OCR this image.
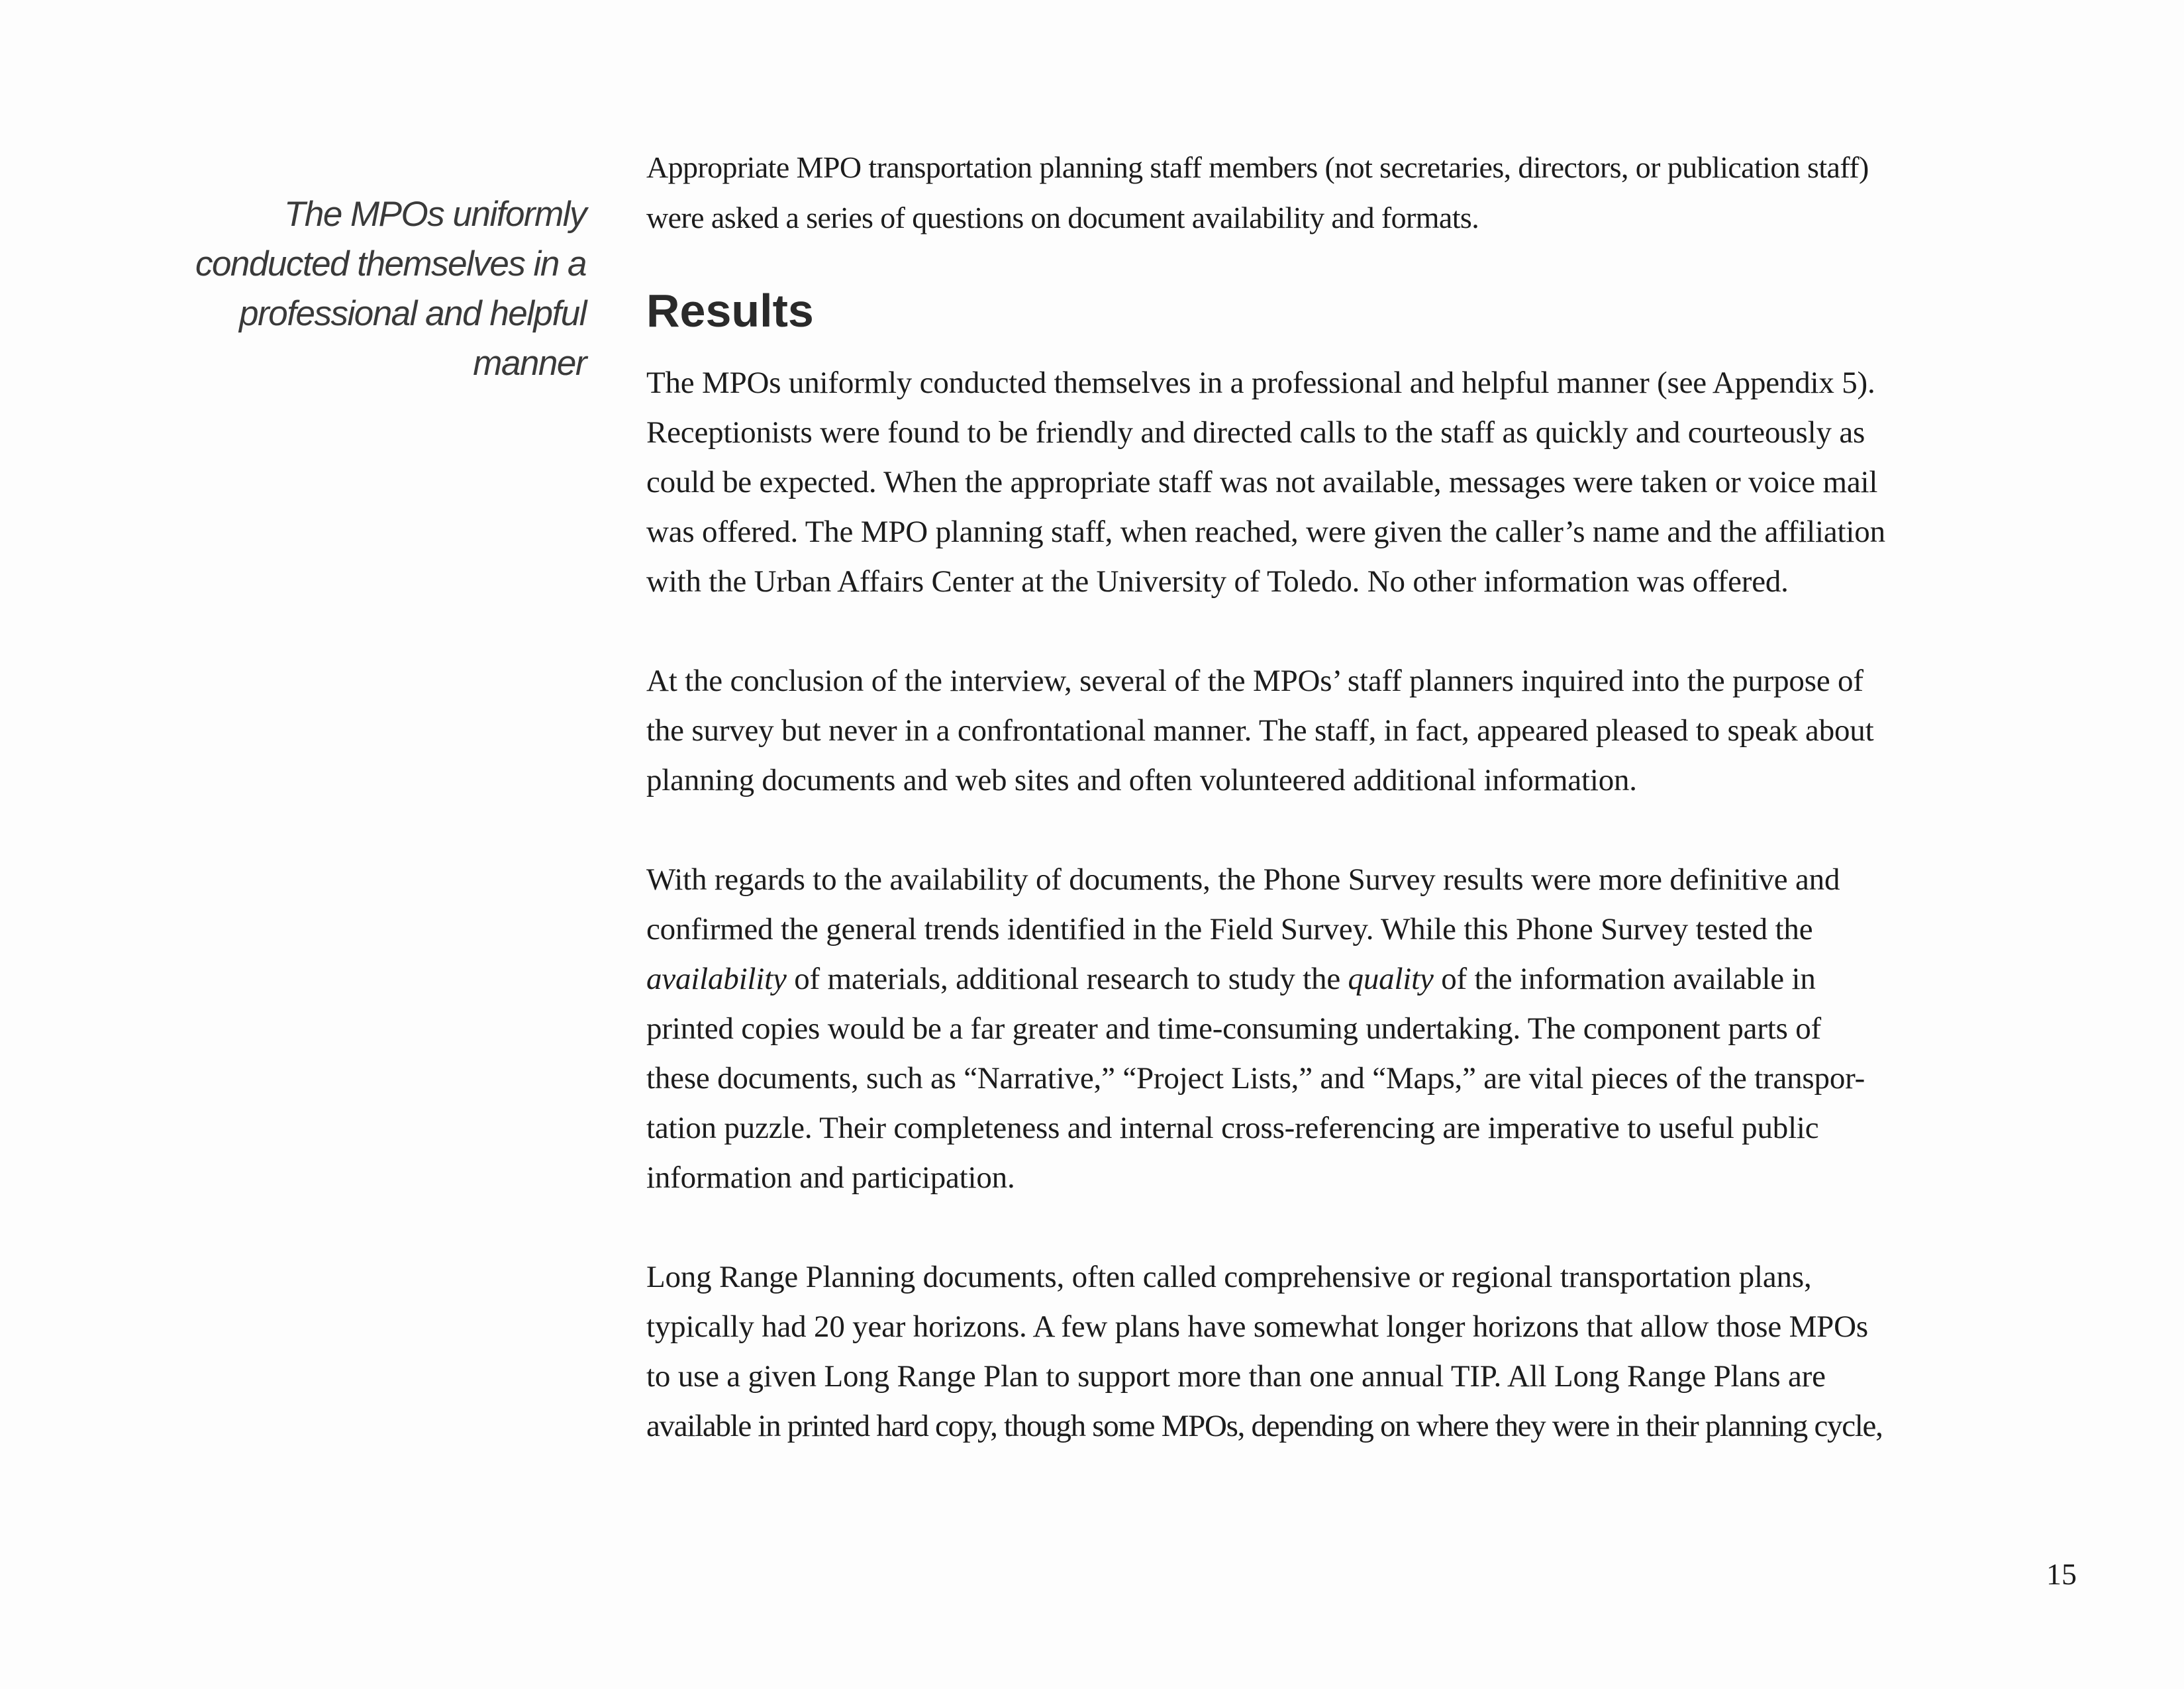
The MPOs uniformly
conducted themselves in a
professional and helpful
manner

Appropriate MPO transportation planning staff members (not secretaries, directors, or publication staff)
were asked a series of questions on document availability and formats.

Results

The MPOs uniformly conducted themselves in a professional and helpful manner (see Appendix 5).
Receptionists were found to be friendly and directed calls to the staff as quickly and courteously as
could be expected. When the appropriate staff was not available, messages were taken or voice mail
was offered. The MPO planning staff, when reached, were given the caller’s name and the affiliation
with the Urban Affairs Center at the University of Toledo. No other information was offered.

At the conclusion of the interview, several of the MPOs’ staff planners inquired into the purpose of
the survey but never in a confrontational manner. The staff, in fact, appeared pleased to speak about
planning documents and web sites and often volunteered additional information.

With regards to the availability of documents, the Phone Survey results were more definitive and
confirmed the general trends identified in the Field Survey. While this Phone Survey tested the
availability of materials, additional research to study the quality of the information available in
printed copies would be a far greater and time-consuming undertaking. The component parts of
these documents, such as “Narrative,” “Project Lists,” and “Maps,” are vital pieces of the transpor-
tation puzzle. Their completeness and internal cross-referencing are imperative to useful public
information and participation.

Long Range Planning documents, often called comprehensive or regional transportation plans,
typically had 20 year horizons. A few plans have somewhat longer horizons that allow those MPOs
to use a given Long Range Plan to support more than one annual TIP. All Long Range Plans are
available in printed hard copy, though some MPOs, depending on where they were in their planning cycle,

15
